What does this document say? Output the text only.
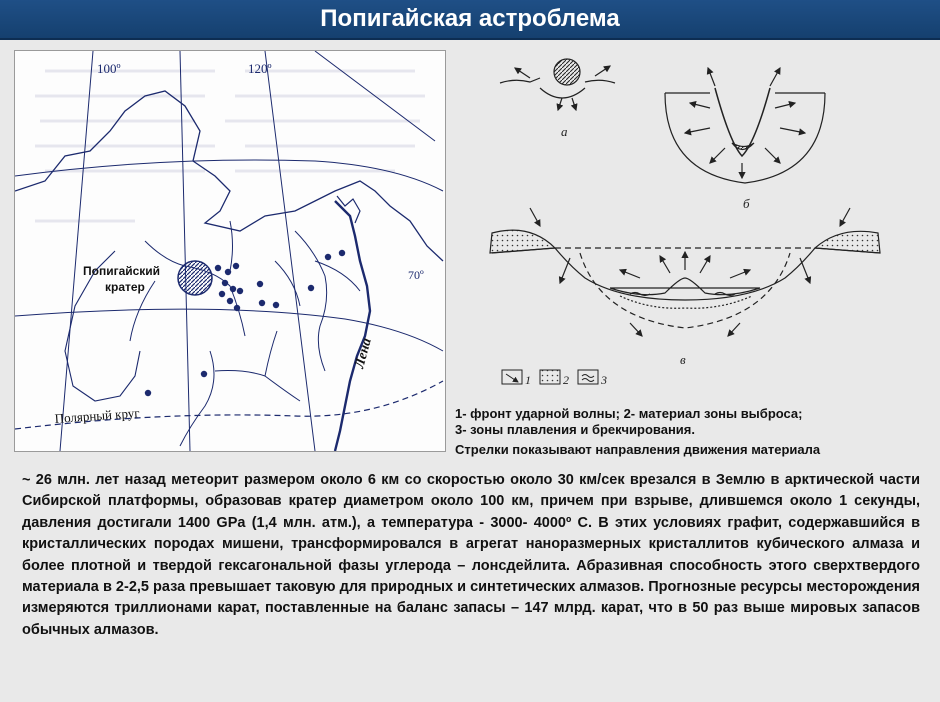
Попигайская астроблема
100º	120º
70º
Попигайский
кратер
Лена
Полярный круг
а
б
в
1	2	3
1- фронт ударной волны; 2- материал зоны выброса;
3- зоны плавления и брекчирования.
Стрелки показывают направления движения материала
~ 26 млн. лет назад метеорит размером около 6 км со скоростью около 30 км/сек врезался в Землю в арктической части Сибирской платформы, образовав кратер диаметром около 100 км, причем при взрыве, длившемся около 1 секунды, давления достигали 1400 GPa (1,4 млн. атм.), а температура - 3000- 4000º С. В этих условиях графит, содержавшийся в кристаллических породах мишени, трансформировался в агрегат наноразмерных кристаллитов кубического алмаза и более плотной и твердой гексагональной фазы углерода – лонсдейлита. Абразивная способность этого сверхтвердого материала в 2-2,5 раза превышает таковую для природных и синтетических алмазов. Прогнозные ресурсы месторождения измеряются триллионами карат, поставленные на баланс запасы – 147 млрд. карат, что в 50 раз выше мировых запасов обычных алмазов.
